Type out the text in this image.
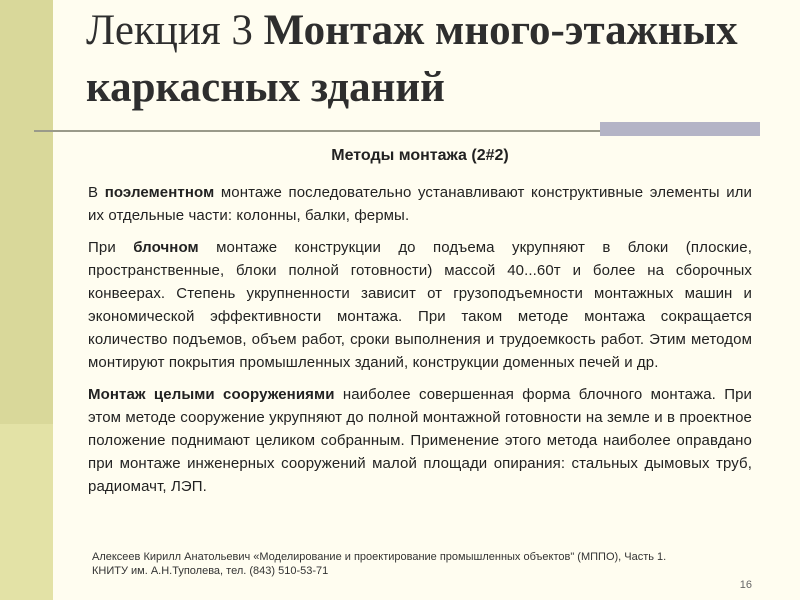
Лекция 3 Монтаж много-этажных каркасных зданий
Методы монтажа (2#2)

В поэлементном монтаже последовательно устанавливают конструктивные элементы или их отдельные части: колонны, балки, фермы.

При блочном монтаже конструкции до подъема укрупняют в блоки (плоские, пространственные, блоки полной готовности) массой 40...60т и более на сборочных конвеерах. Степень укрупненности зависит от грузоподъемности монтажных машин и экономической эффективности монтажа. При таком методе монтажа сокращается количество подъемов, объем работ, сроки выполнения и трудоемкость работ. Этим методом монтируют покрытия промышленных зданий, конструкции доменных печей и др.

Монтаж целыми сооружениями наиболее совершенная форма блочного монтажа. При этом методе сооружение укрупняют до полной монтажной готовности на земле и в проектное положение поднимают целиком собранным. Применение этого метода наиболее оправдано при монтаже инженерных сооружений малой площади опирания: стальных дымовых труб, радиомачт, ЛЭП.

Алексеев Кирилл Анатольевич «Моделирование и проектирование промышленных объектов" (МППО), Часть 1.
КНИТУ им. А.Н.Туполева, тел. (843) 510-53-71
16
